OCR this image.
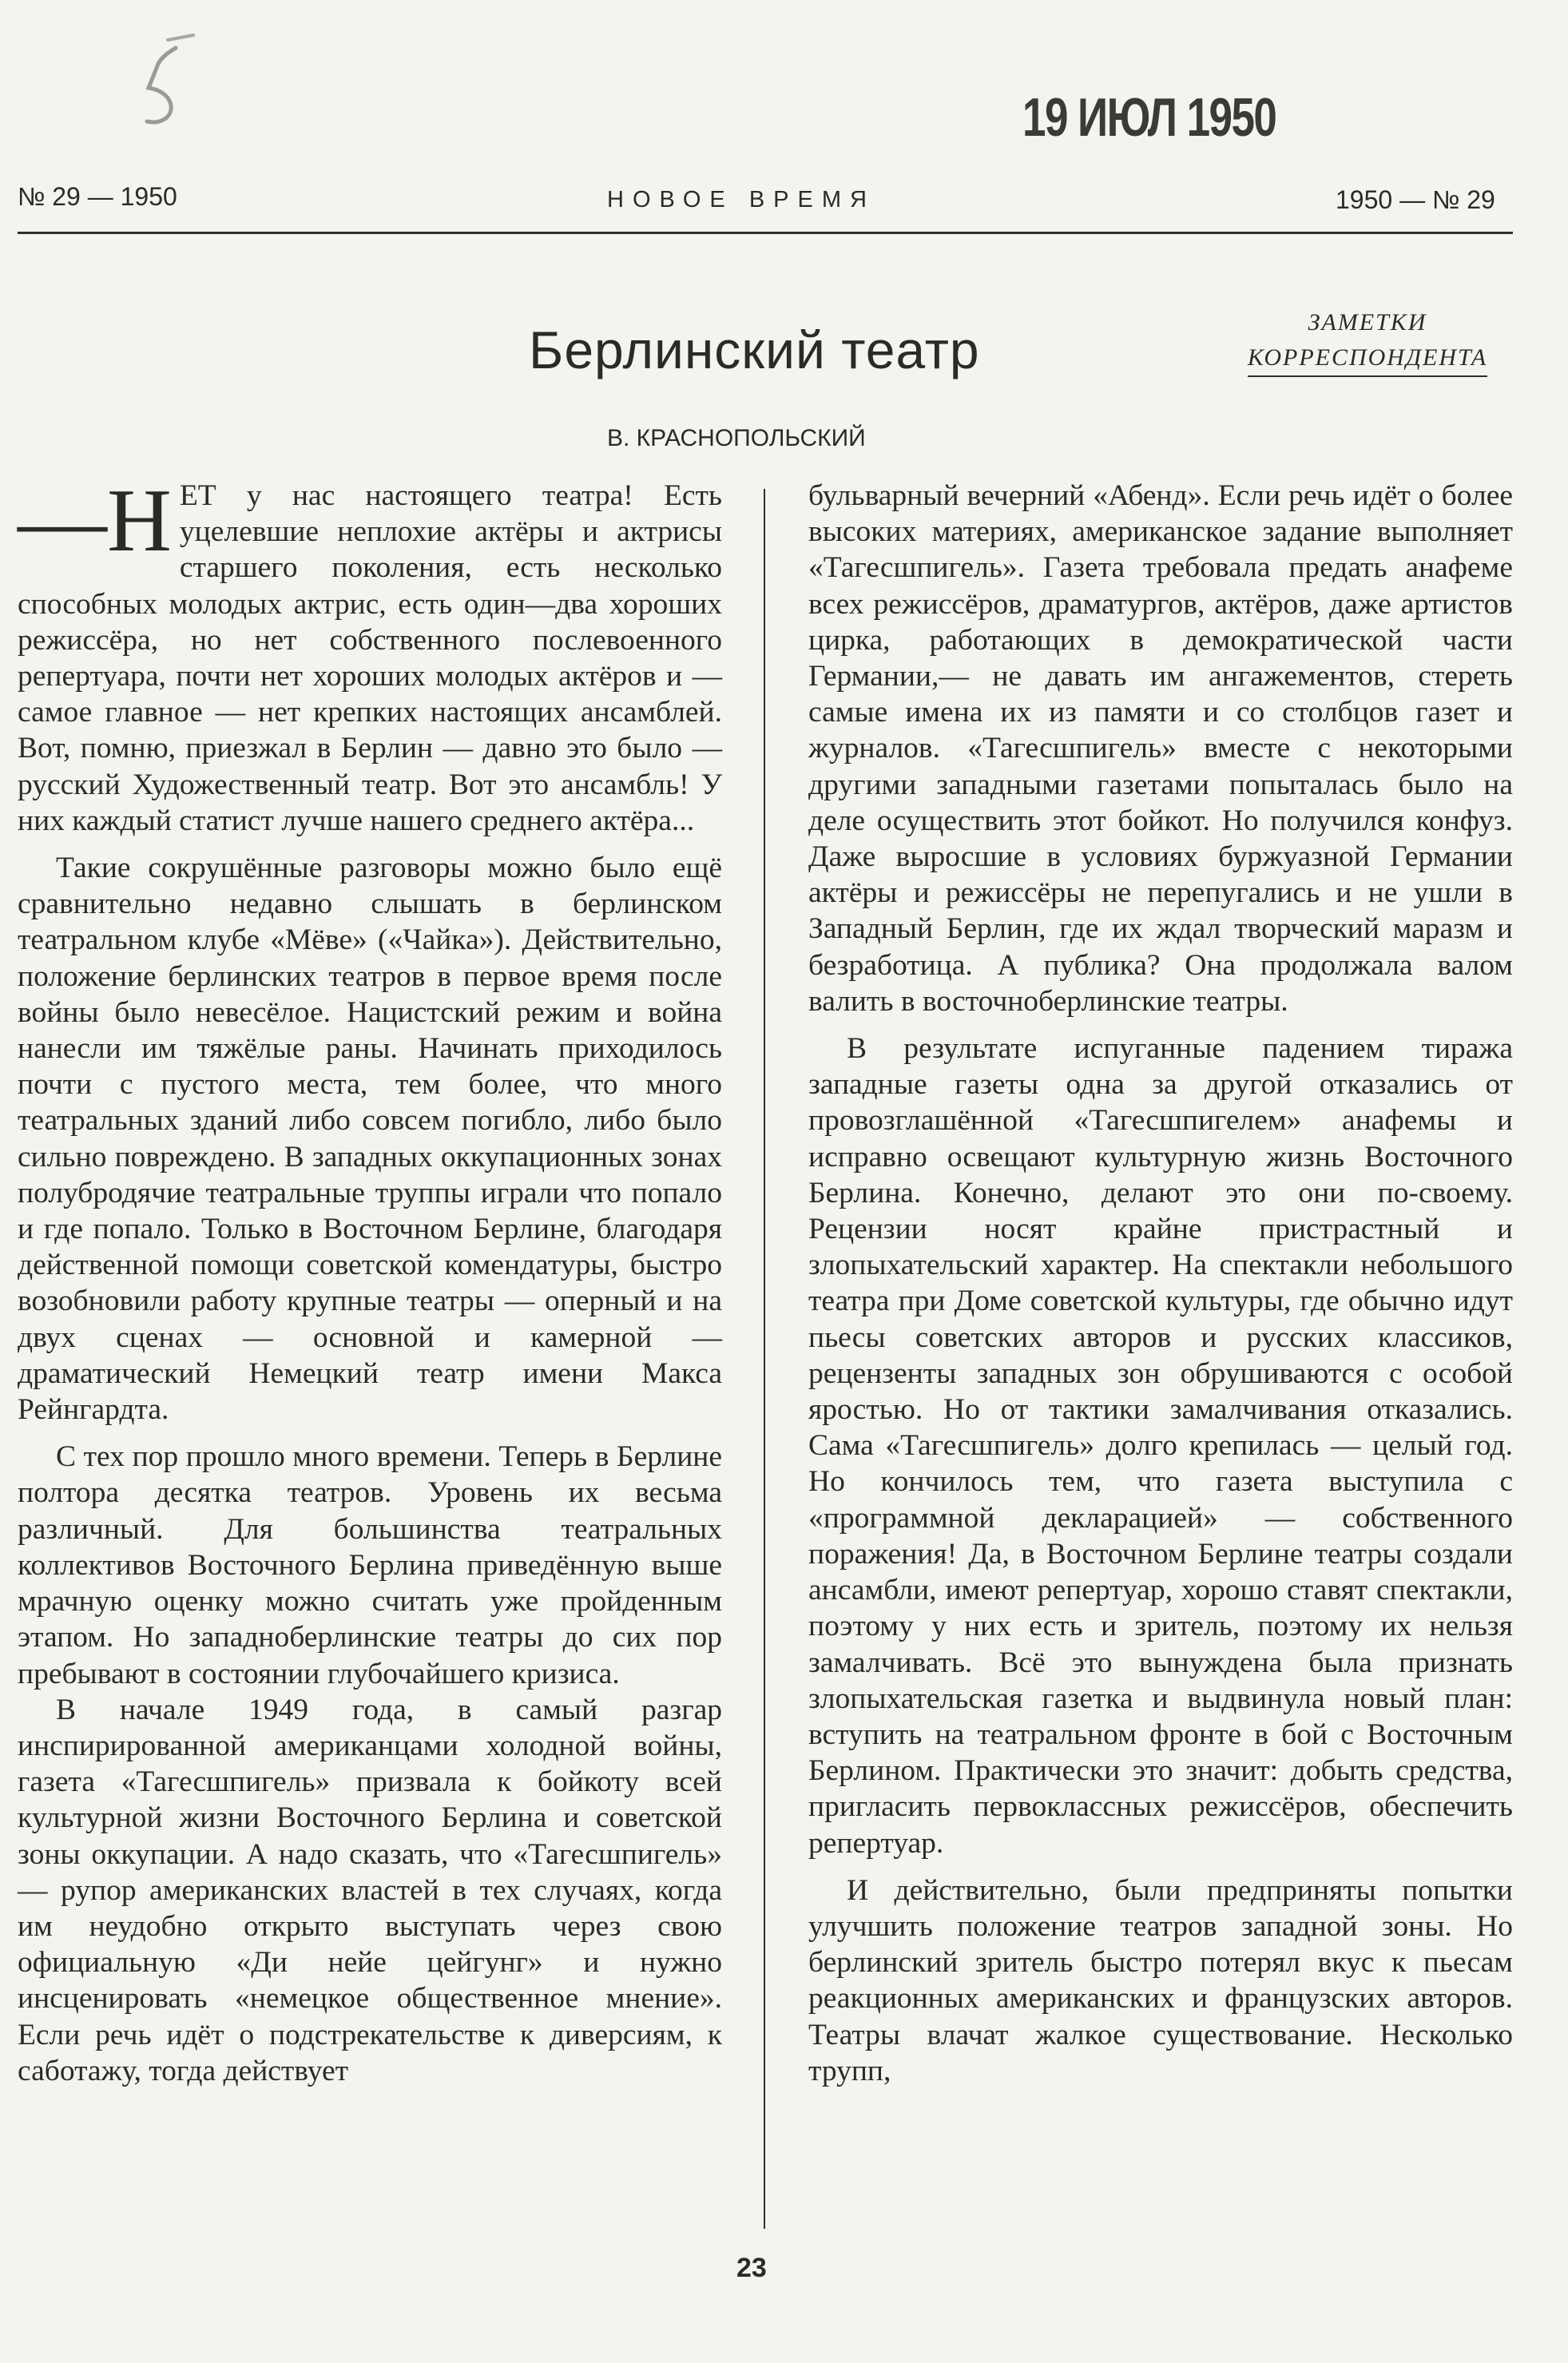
19 ИЮЛ 1950
№ 29 — 1950	НОВОЕ ВРЕМЯ	1950 — № 29
Берлинский театр	ЗАМЕТКИ
КОРРЕСПОНДЕНТА
В. КРАСНОПОЛЬСКИЙ

—Н ЕТ у нас настоящего театра! Есть уцелевшие неплохие актёры и актрисы старшего поколения, есть несколько способных молодых актрис, есть один—два хороших режиссёра, но нет собственного послевоенного репертуара, почти нет хороших молодых актёров и — самое главное — нет крепких настоящих ансамблей. Вот, помню, приезжал в Берлин — давно это было — русский Художественный театр. Вот это ансамбль! У них каждый статист лучше нашего среднего актёра...

Такие сокрушённые разговоры можно было ещё сравнительно недавно слышать в берлинском театральном клубе «Мёве» («Чайка»). Действительно, положение берлинских театров в первое время после войны было невесёлое. Нацистский режим и война нанесли им тяжёлые раны. Начинать приходилось почти с пустого места, тем более, что много театральных зданий либо совсем погибло, либо было сильно повреждено. В западных оккупационных зонах полубродячие театральные труппы играли что попало и где попало. Только в Восточном Берлине, благодаря действенной помощи советской комендатуры, быстро возобновили работу крупные театры — оперный и на двух сценах — основной и камерной — драматический Немецкий театр имени Макса Рейнгардта.

С тех пор прошло много времени. Теперь в Берлине полтора десятка театров. Уровень их весьма различный. Для большинства театральных коллективов Восточного Берлина приведённую выше мрачную оценку можно считать уже пройденным этапом. Но западноберлинские театры до сих пор пребывают в состоянии глубочайшего кризиса.

В начале 1949 года, в самый разгар инспирированной американцами холодной войны, газета «Тагесшпигель» призвала к бойкоту всей культурной жизни Восточного Берлина и советской зоны оккупации. А надо сказать, что «Тагесшпигель» — рупор американских властей в тех случаях, когда им неудобно открыто выступать через свою официальную «Ди нейе цейгунг» и нужно инсценировать «немецкое общественное мнение». Если речь идёт о подстрекательстве к диверсиям, к саботажу, тогда действует

бульварный вечерний «Абенд». Если речь идёт о более высоких материях, американское задание выполняет «Тагесшпигель». Газета требовала предать анафеме всех режиссёров, драматургов, актёров, даже артистов цирка, работающих в демократической части Германии,— не давать им ангажементов, стереть самые имена их из памяти и со столбцов газет и журналов. «Тагесшпигель» вместе с некоторыми другими западными газетами попыталась было на деле осуществить этот бойкот. Но получился конфуз. Даже выросшие в условиях буржуазной Германии актёры и режиссёры не перепугались и не ушли в Западный Берлин, где их ждал творческий маразм и безработица. А публика? Она продолжала валом валить в восточноберлинские театры.

В результате испуганные падением тиража западные газеты одна за другой отказались от провозглашённой «Тагесшпигелем» анафемы и исправно освещают культурную жизнь Восточного Берлина. Конечно, делают это они по-своему. Рецензии носят крайне пристрастный и злопыхательский характер. На спектакли небольшого театра при Доме советской культуры, где обычно идут пьесы советских авторов и русских классиков, рецензенты западных зон обрушиваются с особой яростью. Но от тактики замалчивания отказались. Сама «Тагесшпигель» долго крепилась — целый год. Но кончилось тем, что газета выступила с «программной декларацией» — собственного поражения! Да, в Восточном Берлине театры создали ансамбли, имеют репертуар, хорошо ставят спектакли, поэтому у них есть и зритель, поэтому их нельзя замалчивать. Всё это вынуждена была признать злопыхательская газетка и выдвинула новый план: вступить на театральном фронте в бой с Восточным Берлином. Практически это значит: добыть средства, пригласить первоклассных режиссёров, обеспечить репертуар.

И действительно, были предприняты попытки улучшить положение театров западной зоны. Но берлинский зритель быстро потерял вкус к пьесам реакционных американских и французских авторов. Театры влачат жалкое существование. Несколько трупп,

23
